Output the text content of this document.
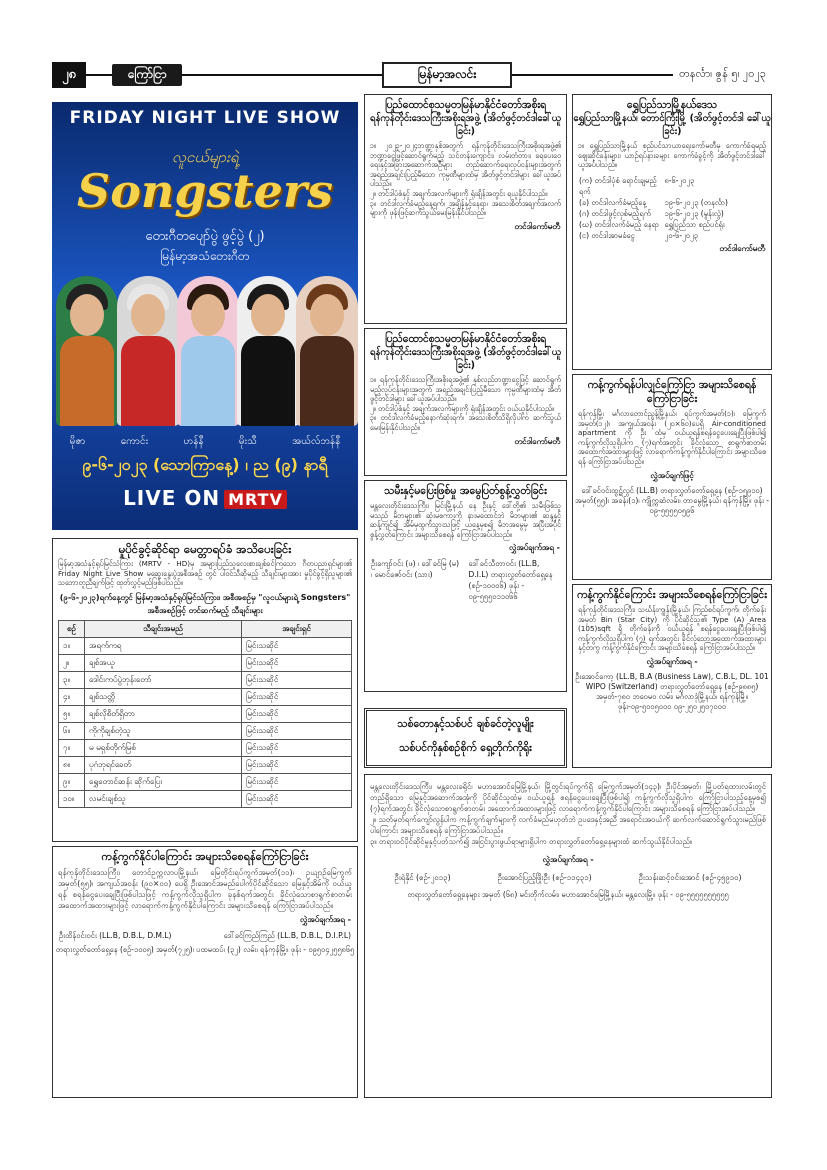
၂၈	ကြော်ငြာ	မြန်မာ့အလင်း	တနင်္လာ၊ ဇွန် ၅၊ ၂၀၂၃
FRIDAY NIGHT LIVE SHOW
လူငယ်များရဲ့
Songsters
တေးဂီတပျော်ပွဲ ဖွင့်ပွဲ (၂)
မြန်မာ့အသံတေးဂီတ
မိုဇာ	ကောင်း	ဟန်နီ	မိုးသီ	အယ်လ်ဘန်နီ
၉-၆-၂၀၂၃ (သောကြာနေ့) ၊ ည (၉) နာရီ
LIVE ON MRTV
မှုပိုင်ခွင့်ဆိုင်ရာ မေတ္တာရပ်ခံ အသိပေးခြင်း
မြန်မာ့အသံနှင့်ရုပ်မြင်သံကြား (MRTV - HD)မှ အများပြည်သူလေးစားချစ်ခင်ကြသော ဂီတပညာရှင်များ၏ Friday Night Live Show မဆွေးနွေးပွဲအစီအစဉ် တွင် ပါဝင်သီဆိုမည့် သီချင်းများအား မှုပိုင်ခွင့်ရှိသူများ၏ သဘောတူညီချက်ဖြင့် ထုတ်လွှင့်မည်ဖြစ်ပါသည်။
(၉-၆-၂၀၂၃)ရက်နေ့တွင် မြန်မာ့အသံနှင့်ရုပ်မြင်သံကြား၊ အစီအစဉ်မှ "လူငယ်များရဲ့ Songsters" အစီအစဉ်ဖြင့် တင်ဆက်မည့် သီချင်းများ
စဉ်	သီချင်းအမည်	အချင်းရှင်
၁။	အရက်ကရ	မြင်းသဆိုင်
၂။	ချစ်အယူ	မြင်းသဆိုင်
၃။	ဒေါင်းကပ်ပွဲဘုန်းတော်	မြင်းသဆိုင်
၄။	ချစ်သတ္တိ	မြင်းသဆိုင်
၅။	ချစ်လိုစိတ်ရှိတာ	မြင်းသဆိုင်
၆။	ကိုကိုချစ်တဲ့သူ	မြင်းသဆိုင်
၇။	မ မရှစ်တိုက်မြစ်	မြင်းသဆိုင်
၈။	ပုဂံဘုရင်ခေတ်	မြင်းသဆိုင်
၉။	ရွှေတောင်ဆန်း ဆိုက်ပြေး	မြင်းသဆိုင်
၁၀။	လမင်းချစ်သူ	မြင်းသဆိုင်
ကန့်ကွက်နိုင်ပါကြောင်း အများသိစေရန်ကြော်ငြာခြင်း
ရန်ကုန်တိုင်းဒေသကြီး၊ တောင်ဥက္ကလာပမြို့နယ်၊ မြေတိုင်းရပ်ကွက်အမှတ်(၁၁)၊ ဥယျာဉ်မြေကွက်အမှတ်(၅၅)၊ အကျယ်အဝန်း (၉၀×၀၀) ပေရှိ ဦးအောင်အမည်ပေါက်ပိုင်ဆိုင်သော မြေနှင့်အိမ်ကို ဝယ်ယူရန် စရန်ငွေပေးချေပြီးဖြစ်ပါသဖြင့် ကန့်ကွက်လိုသူရှိပါက ခုနစ်ရက်အတွင်း ခိုင်လုံသောစာရွက်စာတမ်းအထောက်အထားများဖြင့် လာရောက်ကန့်ကွက်နိုင်ပါကြောင်း အများသိစေရန် ကြော်ငြာအပ်ပါသည်။
လွှဲအပ်ချက်အရ -
ဦးထိန်ဝင်းဝင်း (LL.B, D.B.L, D.M.L)	ဒေါ်ခင်ကြည်ကြည် (LL.B, D.B.L, D.I.P.L)
တရားလွှတ်တော်ရှေ့နေ (စဉ်-၁၀၀၅) အမှတ်(၇၂၅)၊ ပထမထပ်၊ (၃၂) လမ်း၊ ရန်ကုန်မြို့။ ဖုန်း - ၀၉၅၀၄၂၅၅၈၆၅
ပြည်ထောင်စုသမ္မတမြန်မာနိုင်ငံတော်အစိုးရ
ရန်ကုန်တိုင်းဒေသကြီးအစိုးရအဖွဲ့ (အိတ်ဖွင့်တင်ဒါခေါ်ယူခြင်း)
၁။ ၂၀၂၃-၂၀၂၄ဘဏ္ဍာနှစ်အတွက် ရန်ကုန်တိုင်းဒေသကြီးအစိုးရအဖွဲ့၏ ဘဏ္ဍာငွေဖြင့်ဆောင်ရွက်မည့် သင်တန်းကျောင်း၊ လမ်းတံတား၊ ရေပေးဝေရေးနှင့်အခြားအဆောက်အဦများ တည်ဆောက်ရေးလုပ်ငန်းများအတွက် အရည်အချင်းပြည့်မီသော ကုမ္ပဏီများထံမှ အိတ်ဖွင့်တင်ဒါများ ခေါ်ယူအပ်ပါသည်။
၂။ တင်ဒါပုံစံနှင့် အချက်အလက်များကို ရုံးချိန်အတွင်း ရယူနိုင်ပါသည်။
၃။ တင်ဒါလက်ခံမည့်နေ့ရက်၊ အချိန်နှင့်နေရာ၊ အသေးစိတ်အချက်အလက်များကို ဖုန်းဖြင့်ဆက်သွယ်မေးမြန်းနိုင်ပါသည်။
တင်ဒါကော်မတီ
ပြည်ထောင်စုသမ္မတမြန်မာနိုင်ငံတော်အစိုးရ
ရန်ကုန်တိုင်းဒေသကြီးအစိုးရအဖွဲ့ (အိတ်ဖွင့်တင်ဒါခေါ်ယူခြင်း)
၁။ ရန်ကုန်တိုင်းဒေသကြီးအစိုးရအဖွဲ့၏ နှစ်လည်ဘဏ္ဍာငွေဖြင့် ဆောင်ရွက်မည့်လုပ်ငန်းများအတွက် အရည်အချင်းပြည့်မီသော ကုမ္ပဏီများထံမှ အိတ်ဖွင့်တင်ဒါများ ခေါ်ယူအပ်ပါသည်။
၂။ တင်ဒါပုံစံနှင့် အချက်အလက်များကို ရုံးချိန်အတွင်း ဝယ်ယူနိုင်ပါသည်။
၃။ တင်ဒါလက်ခံမည့်နောက်ဆုံးရက်၊ အသေးစိတ်သိရှိလိုပါက ဆက်သွယ်မေးမြန်းနိုင်ပါသည်။
တင်ဒါကော်မတီ
သမီးနှင့်မပြေးဖြစ်မှု အမွေပြတ်စွန့်လွှတ်ခြင်း
မန္တလေးတိုင်းဒေသကြီး၊ မြင်းမြို့နယ် နေ ဦးနှင့် ဒေါ်တို့၏ သမီးဖြစ်သူ မသည် မိဘများ၏ ဆုံးမစကားကို နားမထောင်ဘဲ မိဘများ၏ ဆန္ဒနှင့်ဆန့်ကျင်၍ အိမ်မှထွက်သွားသဖြင့် ယနေ့မှစ၍ မိဘအမွေမှ အပြီးအပိုင် စွန့်လွှတ်ကြောင်း အများသိစေရန် ကြော်ငြာအပ်ပါသည်။
လွှဲအပ်ချက်အရ -
ဦးကျော်ဝင်း (ဖ) ၊ ဒေါ်ခင်မြ (မ) ၊ မောင်ဇော်ဝင်း (သား)
ဒေါ်ခင်သီတာဝင်း (LL.B, D.I.L) တရားလွှတ်တော်ရှေ့နေ (စဉ်-၁၀၀၀၆) ဖုန်း - ၀၉-၅၅၅၀၁၁၀၆၆
သစ်တောနှင့်သစ်ပင် ချစ်ခင်တဲ့လူမျိုး
သစ်ပင်ကိုနှစ်စဉ်စိုက် ရှေ့တိုက်ကိုရိုး
ရွှေပြည်သာမြို့နယ်ဒေသ
ရွှေပြည်သာမြို့နယ်၊ တောင်ကြီးမြို့ (အိတ်ဖွင့်တင်ဒါ ခေါ်ယူခြင်း)
၁။ ရွှေပြည်သာမြို့နယ် စည်ပင်သာယာရေးကော်မတီမှ ကောက်ခံရမည့် ဈေးဆိုင်ခန်းများ၊ ယာဉ်ရပ်နားခများ ကောက်ခံခွင့်ကို အိတ်ဖွင့်တင်ဒါခေါ်ယူအပ်ပါသည်။
(က) တင်ဒါပုံစံ ရောင်းချမည့်ရက်
၈-၆-၂၀၂၃
(ခ) တင်ဒါလက်ခံမည့်နေ့	၁၉-၆-၂၀၂၃ (တနင်္လာ)
(ဂ) တင်ဒါဖွင့်လှစ်မည့်ရက်	၁၉-၆-၂၀၂၃ (မွန်းလွဲ)
(ဃ) တင်ဒါလက်ခံမည့် နေရာ ရွှေပြည်သာ စည်ပင်ရုံး
(င) တင်ဒါအာမခံငွေ	၂၀-၆-၂၀၂၃
တင်ဒါကော်မတီ
ကန့်ကွက်ရန်ပါလျှင်ကြော်ငြာ အများသိစေရန်ကြော်ငြာခြင်း
ရန်ကုန်မြို့၊ မင်္ဂလာတောင်ညွန့်မြို့နယ်၊ ရပ်ကွက်အမှတ်(၁)၊ မြေကွက်အမှတ်(၁၂)၊ အကျယ်အဝန်း (၂၀×၆၀)ပေရှိ Air-conditioned apartment ကို ဦး ထံမှ ဝယ်ယူရန်စရန်ငွေပေးချေပြီးဖြစ်ပါ၍ ကန့်ကွက်လိုသူရှိပါက (၇)ရက်အတွင်း ခိုင်လုံသော စာရွက်စာတမ်းအထောက်အထားများဖြင့် လာရောက်ကန့်ကွက်နိုင်ပါကြောင်း အများသိစေရန် ကြော်ငြာအပ်ပါသည်။
လွှဲအပ်ချက်ဖြင့်
ဒေါ်ခင်ဝင်းထွဋ်လွင် (LL.B) တရားလွှတ်တော်ရှေ့နေ (စဉ်-၁၅၉၁၀) အမှတ်(၅၅)၊ အခန်း(၁)၊ ကျိုက္ကဆံလမ်း၊ တာမွေမြို့နယ်၊ ရန်ကုန်မြို့။ ဖုန်း - ၀၉-၅၅၅၅၀၅၉၆
ကန့်ကွက်နိုင်ကြောင်း အများသိစေရန်ကြော်ငြာခြင်း
ရန်ကုန်တိုင်းဒေသကြီး၊ သင်္ဃန်းကျွန်းမြို့နယ်၊ ကြည်စင်ရပ်ကွက်၊ တိုက်ခန်းအမှတ် Bin (Star City) ကို ပိုင်ဆိုင်သူ၏ Type (A) Area (105)sqft ရှိ တိုက်ခန်းကို ဝယ်ယူရန် စရန်ငွေပေးချေပြီးဖြစ်ပါ၍ ကန့်ကွက်လိုသူရှိပါက (၇) ရက်အတွင်း ခိုင်လုံသောအထောက်အထားများနှင့်တကွ ကန့်ကွက်နိုင်ကြောင်း အများသိစေရန် ကြော်ငြာအပ်ပါသည်။
လွှဲအပ်ချက်အရ -
ဦးအောင်ကော့ (LL.B, B.A (Business Law), C.B.L, DL. 101 WIPO (Switzerland) တရားလွှတ်တော်ရှေ့နေ (စဉ်-၉၈၈၅) အမှတ်-၇၈၀ ဘဝေမဝ လမ်း၊ မင်္ဂလာဒုံမြို့နယ်၊ ရန်ကုန်မြို့။ ဖုန်း-၀၉-၅၀၀၅၀၀၀ ၀၉-၂၅၀၂၅၀၇၀၀၀
မန္တလေးတိုင်းဒေသကြီး၊ မန္တလေးခရိုင်၊ မဟာအောင်မြေမြို့နယ်၊ မြို့တွင်းရပ်ကွက်ရှိ မြေကွက်အမှတ်(၁၄၃)၊ ဦးပိုင်အမှတ်၊ မြို့ပတ်ရထားလမ်းတွင်တည်ရှိသော မြေနှင့်အဆောက်အအုံကို ပိုင်ဆိုင်သူထံမှ ဝယ်ယူရန် စရန်ငွေပေးချေပြီးဖြစ်ပါ၍ ကန့်ကွက်လိုသူရှိပါက ကြော်ငြာပါသည့်နေ့မှစ၍ (၇)ရက်အတွင်း ခိုင်လုံသောစာရွက်စာတမ်း အထောက်အထားများဖြင့် လာရောက်ကန့်ကွက်နိုင်ပါကြောင်း အများသိစေရန် ကြော်ငြာအပ်ပါသည်။
၂။ သတ်မှတ်ရက်ကျော်လွန်ပါက ကန့်ကွက်ချက်များကို လက်ခံမည်မဟုတ်ဘဲ ဥပဒေနှင့်အညီ အရောင်းအဝယ်ကို ဆက်လက်ဆောင်ရွက်သွားမည်ဖြစ်ပါကြောင်း အများသိစေရန် ကြော်ငြာအပ်ပါသည်။
၃။ တရားဝင်ပိုင်ဆိုင်မှုနှင့်ပတ်သက်၍ အငြင်းပွားဖွယ်ရာများရှိပါက တရားလွှတ်တော်ရှေ့နေများထံ ဆက်သွယ်နိုင်ပါသည်။
လွှဲအပ်ချက်အရ -
ဦးရဲနိုင် (စဉ်-၂၀၁၃)	ဦးအောင်ပြည့်ဖြိုးဦး (စဉ်-၁၁၄၃၁)	ဦးသန်းဆင့်ဝင်းအောင် (စဉ်-၄၅၉၁၀)
တရားလွှတ်တော်ရှေ့နေများ အမှတ် (၆၈) မင်းတိုက်လမ်း၊ မဟာအောင်မြေမြို့နယ်၊ မန္တလေးမြို့။ ဖုန်း - ၀၉-၅၅၅၅၅၅၅၅၅၅
